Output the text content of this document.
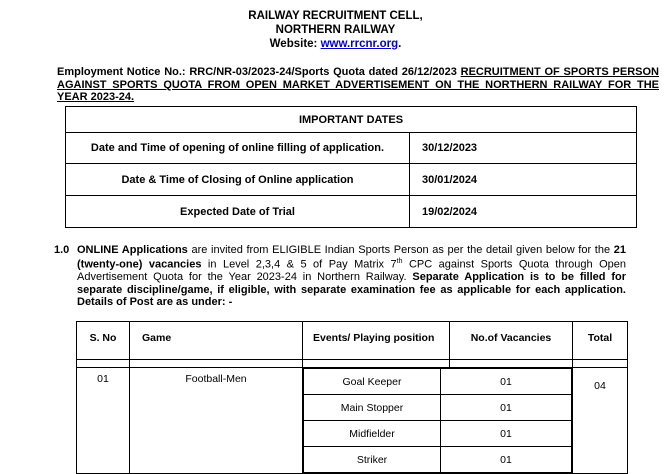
RAILWAY RECRUITMENT CELL,
NORTHERN RAILWAY
Website: www.rrcnr.org.
Employment Notice No.: RRC/NR-03/2023-24/Sports Quota dated 26/12/2023 RECRUITMENT OF SPORTS PERSON AGAINST SPORTS QUOTA FROM OPEN MARKET ADVERTISEMENT ON THE NORTHERN RAILWAY FOR THE YEAR 2023-24.
IMPORTANT DATES	
Date and Time of opening of online filling of application.	30/12/2023
Date & Time of Closing of Online application	30/01/2024
Expected Date of Trial	19/02/2024
1.0 ONLINE Applications are invited from ELIGIBLE Indian Sports Person as per the detail given below for the 21 (twenty-one) vacancies in Level 2,3,4 & 5 of Pay Matrix 7th CPC against Sports Quota through Open Advertisement Quota for the Year 2023-24 in Northern Railway. Separate Application is to be filled for separate discipline/game, if eligible, with separate examination fee as applicable for each application. Details of Post are as under: -
S. No	Game	Events/ Playing position	No.of Vacancies	Total

01	Football-Men		Goal Keeper	01
Main Stopper	01
Midfielder	01
Striker	01
	04
